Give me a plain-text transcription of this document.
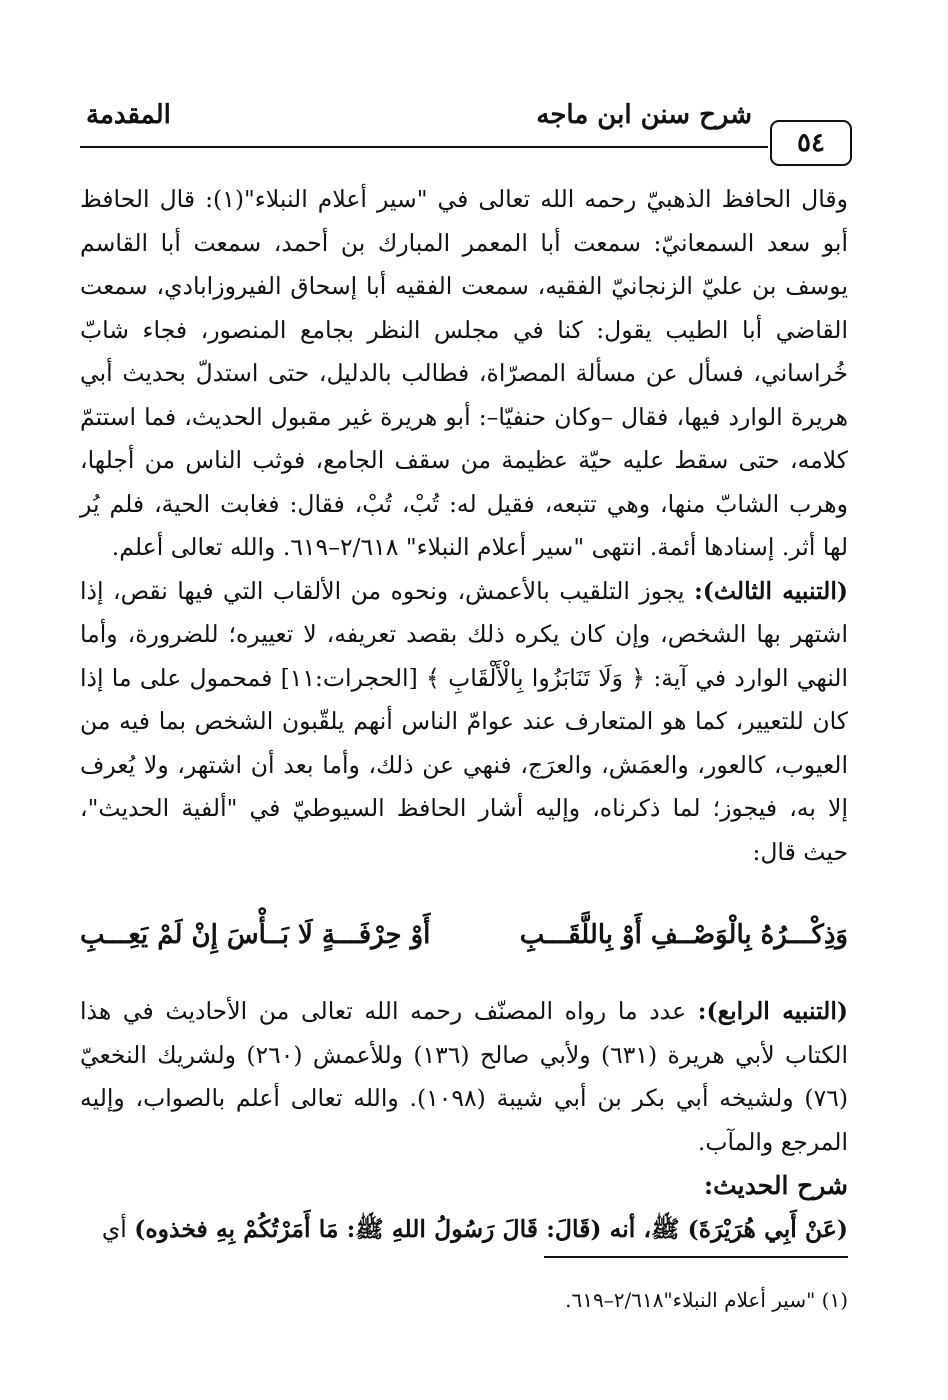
٥٤
شرح سنن ابن ماجه
المقدمة

وقال الحافظ الذهبيّ رحمه الله تعالى في "سير أعلام النبلاء"(١): قال الحافظ أبو سعد السمعانيّ: سمعت أبا المعمر المبارك بن أحمد، سمعت أبا القاسم يوسف بن عليّ الزنجانيّ الفقيه، سمعت الفقيه أبا إسحاق الفيروزابادي، سمعت القاضي أبا الطيب يقول: كنا في مجلس النظر بجامع المنصور، فجاء شابّ خُراساني، فسأل عن مسألة المصرّاة، فطالب بالدليل، حتى استدلّ بحديث أبي هريرة الوارد فيها، فقال –وكان حنفيّا–: أبو هريرة غير مقبول الحديث، فما استتمّ كلامه، حتى سقط عليه حيّة عظيمة من سقف الجامع، فوثب الناس من أجلها، وهرب الشابّ منها، وهي تتبعه، فقيل له: تُبْ، تُبْ، فقال: فغابت الحية، فلم يُر لها أثر. إسنادها أئمة. انتهى "سير أعلام النبلاء" ٢/٦١٨–٦١٩. والله تعالى أعلم.

(التنبيه الثالث): يجوز التلقيب بالأعمش، ونحوه من الألقاب التي فيها نقص، إذا اشتهر بها الشخص، وإن كان يكره ذلك بقصد تعريفه، لا تعييره؛ للضرورة، وأما النهي الوارد في آية: ﴿ وَلَا تَنَابَزُوا بِالْأَلْقَابِ ﴾ [الحجرات:١١] فمحمول على ما إذا كان للتعيير، كما هو المتعارف عند عوامّ الناس أنهم يلقّبون الشخص بما فيه من العيوب، كالعور، والعمَش، والعرَج، فنهي عن ذلك، وأما بعد أن اشتهر، ولا يُعرف إلا به، فيجوز؛ لما ذكرناه، وإليه أشار الحافظ السيوطيّ في "ألفية الحديث"، حيث قال:

وَذِكْـــرُهُ بِالْوَصْــفِ أَوْ بِاللَّقَـــبِ
أَوْ حِرْفَـــةٍ لَا بَــأْسَ إِنْ لَمْ يَعِـــبِ

(التنبيه الرابع): عدد ما رواه المصنّف رحمه الله تعالى من الأحاديث في هذا الكتاب لأبي هريرة (٦٣١) ولأبي صالح (١٣٦) وللأعمش (٢٦٠) ولشريك النخعيّ (٧٦) ولشيخه أبي بكر بن أبي شيبة (١٠٩٨). والله تعالى أعلم بالصواب، وإليه المرجع والمآب.

شرح الحديث:

(عَنْ أَبِي هُرَيْرَةَ) ﷺ، أنه (قَالَ: قَالَ رَسُولُ اللهِ ﷺ: مَا أَمَرْتُكُمْ بِهِ فخذوه) أي

(١) "سير أعلام النبلاء"٢/٦١٨–٦١٩.
